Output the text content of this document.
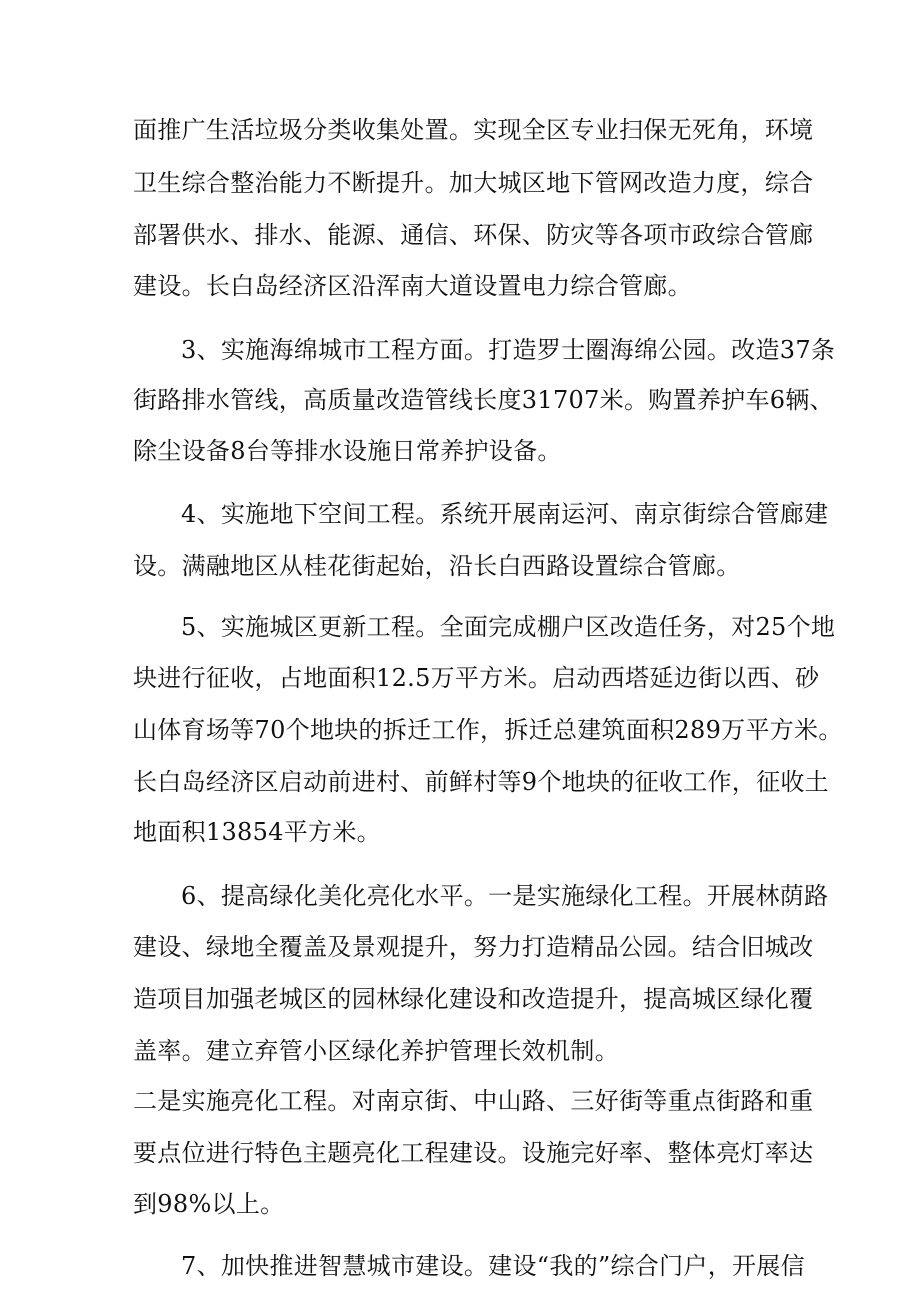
面推广生活垃圾分类收集处置。实现全区专业扫保无死角，环境
卫生综合整治能力不断提升。加大城区地下管网改造力度，综合
部署供水、排水、能源、通信、环保、防灾等各项市政综合管廊
建设。长白岛经济区沿浑南大道设置电力综合管廊。
3、实施海绵城市工程方面。打造罗士圈海绵公园。改造37条
街路排水管线，高质量改造管线长度31707米。购置养护车6辆、
除尘设备8台等排水设施日常养护设备。
4、实施地下空间工程。系统开展南运河、南京街综合管廊建
设。满融地区从桂花街起始，沿长白西路设置综合管廊。
5、实施城区更新工程。全面完成棚户区改造任务，对25个地
块进行征收，占地面积12.5万平方米。启动西塔延边街以西、砂
山体育场等70个地块的拆迁工作，拆迁总建筑面积289万平方米。
长白岛经济区启动前进村、前鲜村等9个地块的征收工作，征收土
地面积13854平方米。
6、提高绿化美化亮化水平。一是实施绿化工程。开展林荫路
建设、绿地全覆盖及景观提升，努力打造精品公园。结合旧城改
造项目加强老城区的园林绿化建设和改造提升，提高城区绿化覆
盖率。建立弃管小区绿化养护管理长效机制。
二是实施亮化工程。对南京街、中山路、三好街等重点街路和重
要点位进行特色主题亮化工程建设。设施完好率、整体亮灯率达
到98%以上。
7、加快推进智慧城市建设。建设“我的”综合门户，开展信
